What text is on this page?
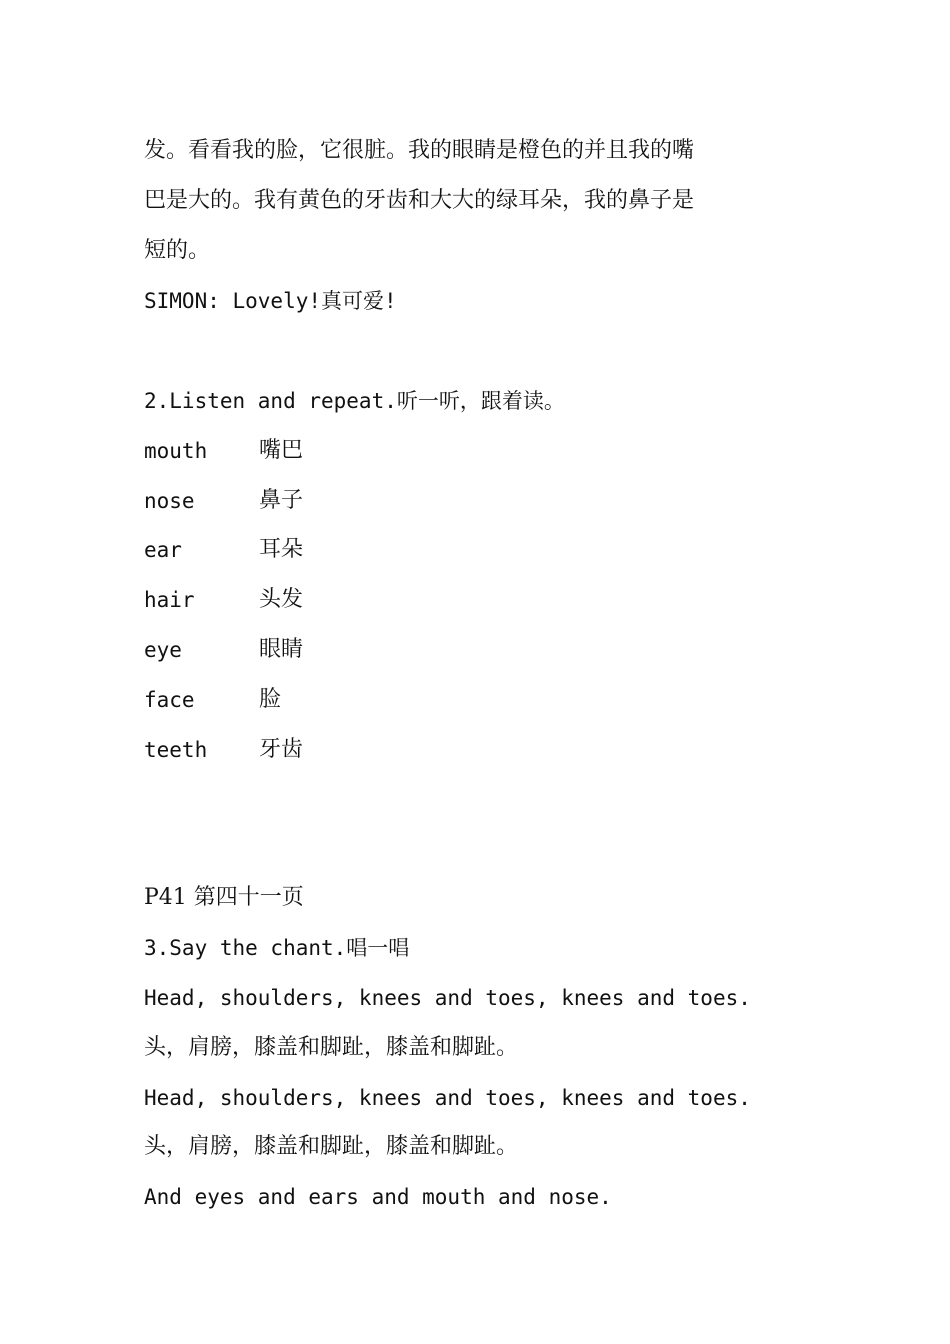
发。看看我的脸，它很脏。我的眼睛是橙色的并且我的嘴
巴是大的。我有黄色的牙齿和大大的绿耳朵，我的鼻子是
短的。
SIMON: Lovely!真可爱!
2.Listen and repeat.听一听，跟着读。
mouth 嘴巴
nose	鼻子
ear	耳朵
hair	头发
eye	眼睛
face	脸
teeth 牙齿
P41 第四十一页
3.Say the chant.唱一唱
Head, shoulders, knees and toes, knees and toes.
头，肩膀，膝盖和脚趾，膝盖和脚趾。
Head, shoulders, knees and toes, knees and toes.
头，肩膀，膝盖和脚趾，膝盖和脚趾。
And eyes and ears and mouth and nose.
